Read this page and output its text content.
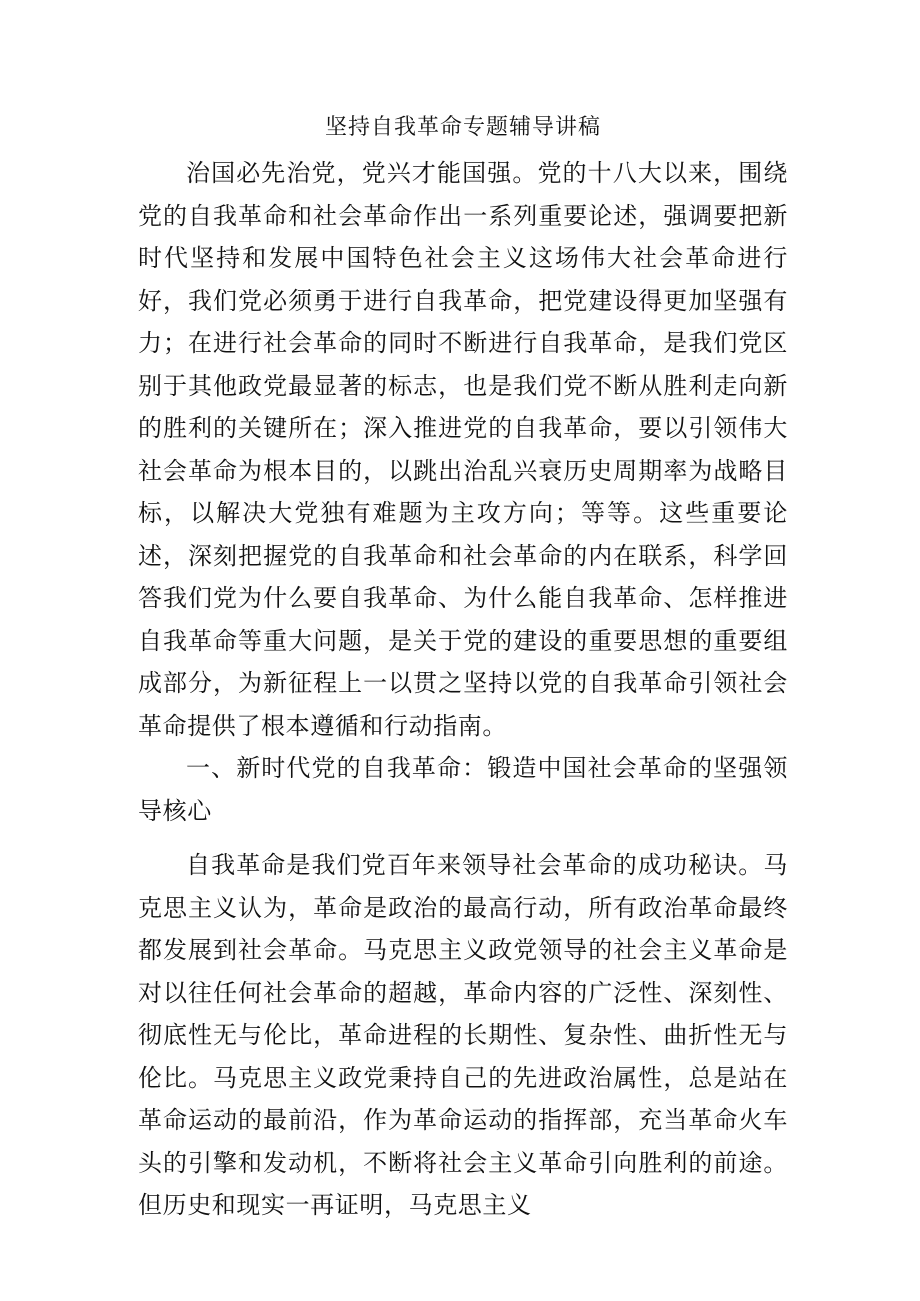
坚持自我革命专题辅导讲稿

治国必先治党，党兴才能国强。党的十八大以来，围绕党的自我革命和社会革命作出一系列重要论述，强调要把新时代坚持和发展中国特色社会主义这场伟大社会革命进行好，我们党必须勇于进行自我革命，把党建设得更加坚强有力；在进行社会革命的同时不断进行自我革命，是我们党区别于其他政党最显著的标志，也是我们党不断从胜利走向新的胜利的关键所在；深入推进党的自我革命，要以引领伟大社会革命为根本目的，以跳出治乱兴衰历史周期率为战略目标，以解决大党独有难题为主攻方向；等等。这些重要论述，深刻把握党的自我革命和社会革命的内在联系，科学回答我们党为什么要自我革命、为什么能自我革命、怎样推进自我革命等重大问题，是关于党的建设的重要思想的重要组成部分，为新征程上一以贯之坚持以党的自我革命引领社会革命提供了根本遵循和行动指南。

一、新时代党的自我革命：锻造中国社会革命的坚强领导核心

自我革命是我们党百年来领导社会革命的成功秘诀。马克思主义认为，革命是政治的最高行动，所有政治革命最终都发展到社会革命。马克思主义政党领导的社会主义革命是对以往任何社会革命的超越，革命内容的广泛性、深刻性、彻底性无与伦比，革命进程的长期性、复杂性、曲折性无与伦比。马克思主义政党秉持自己的先进政治属性，总是站在革命运动的最前沿，作为革命运动的指挥部，充当革命火车头的引擎和发动机，不断将社会主义革命引向胜利的前途。但历史和现实一再证明，马克思主义
